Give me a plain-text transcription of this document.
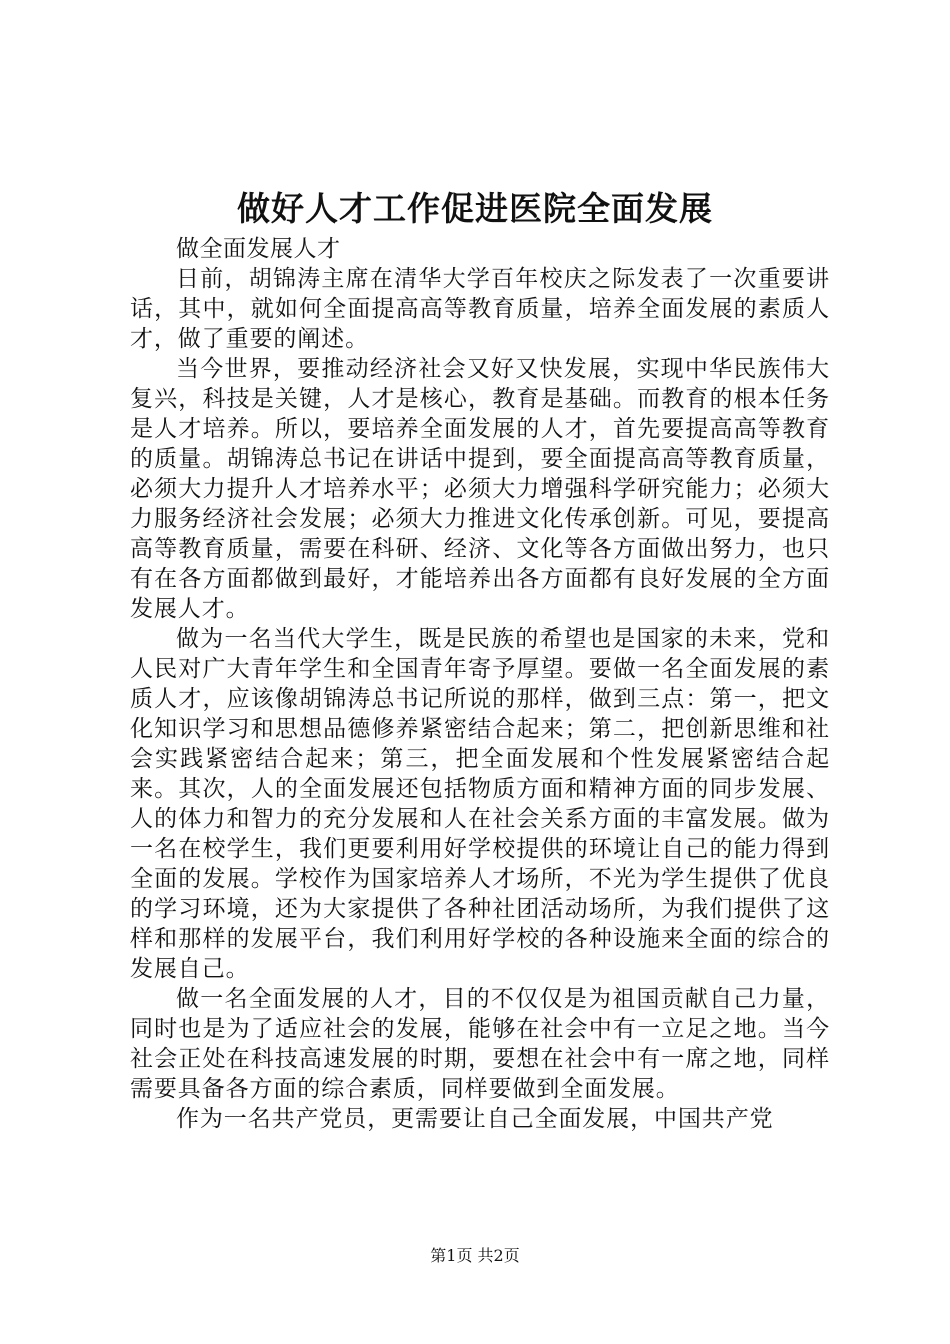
做好人才工作促进医院全面发展

做全面发展人才

日前，胡锦涛主席在清华大学百年校庆之际发表了一次重要讲话，其中，就如何全面提高高等教育质量，培养全面发展的素质人才，做了重要的阐述。

当今世界，要推动经济社会又好又快发展，实现中华民族伟大复兴，科技是关键，人才是核心，教育是基础。而教育的根本任务是人才培养。所以，要培养全面发展的人才，首先要提高高等教育的质量。胡锦涛总书记在讲话中提到，要全面提高高等教育质量，必须大力提升人才培养水平；必须大力增强科学研究能力；必须大力服务经济社会发展；必须大力推进文化传承创新。可见，要提高高等教育质量，需要在科研、经济、文化等各方面做出努力，也只有在各方面都做到最好，才能培养出各方面都有良好发展的全方面发展人才。

做为一名当代大学生，既是民族的希望也是国家的未来，党和人民对广大青年学生和全国青年寄予厚望。要做一名全面发展的素质人才，应该像胡锦涛总书记所说的那样，做到三点：第一，把文化知识学习和思想品德修养紧密结合起来；第二，把创新思维和社会实践紧密结合起来；第三，把全面发展和个性发展紧密结合起来。其次，人的全面发展还包括物质方面和精神方面的同步发展、人的体力和智力的充分发展和人在社会关系方面的丰富发展。做为一名在校学生，我们更要利用好学校提供的环境让自己的能力得到全面的发展。学校作为国家培养人才场所，不光为学生提供了优良的学习环境，还为大家提供了各种社团活动场所，为我们提供了这样和那样的发展平台，我们利用好学校的各种设施来全面的综合的发展自己。

做一名全面发展的人才，目的不仅仅是为祖国贡献自己力量，同时也是为了适应社会的发展，能够在社会中有一立足之地。当今社会正处在科技高速发展的时期，要想在社会中有一席之地，同样需要具备各方面的综合素质，同样要做到全面发展。

作为一名共产党员，更需要让自己全面发展，中国共产党

第1页 共2页
